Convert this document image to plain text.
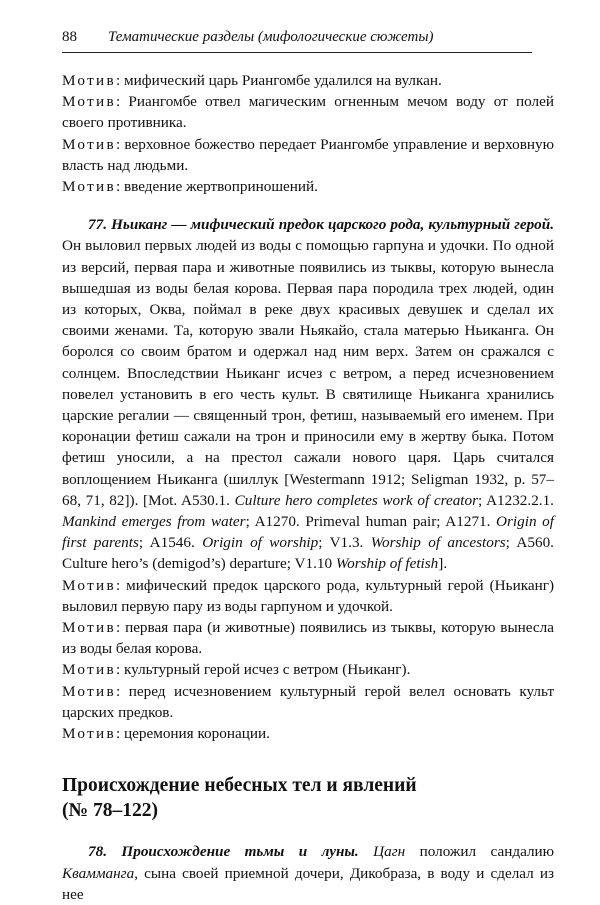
88 Тематические разделы (мифологические сюжеты)

Мотив: мифический царь Риангомбе удалился на вулкан.

Мотив: Риангомбе отвел магическим огненным мечом воду от полей своего противника.

Мотив: верховное божество передает Риангомбе управление и верховную власть над людьми.

Мотив: введение жертвоприношений.

77. Ньиканг — мифический предок царского рода, культурный герой. Он выловил первых людей из воды с помощью гарпуна и удочки. По одной из версий, первая пара и животные появились из тыквы, которую вынесла вышедшая из воды белая корова. Первая пара породила трех людей, один из которых, Оква, поймал в реке двух красивых девушек и сделал их своими женами. Та, которую звали Ньякайо, стала матерью Ньиканга. Он боролся со своим братом и одержал над ним верх. Затем он сражался с солнцем. Впоследствии Ньиканг исчез с ветром, а перед исчезновением повелел установить в его честь культ. В святилище Ньиканга хранились царские регалии — священный трон, фетиш, называемый его именем. При коронации фетиш сажали на трон и приносили ему в жертву быка. Потом фетиш уносили, а на престол сажали нового царя. Царь считался воплощением Ньиканга (шиллук [Westermann 1912; Seligman 1932, p. 57–68, 71, 82]). [Mot. A530.1. Culture hero completes work of creator; A1232.2.1. Mankind emerges from water; A1270. Primeval human pair; A1271. Origin of first parents; A1546. Origin of worship; V1.3. Worship of ancestors; A560. Culture hero’s (demigod’s) departure; V1.10 Worship of fetish].

Мотив: мифический предок царского рода, культурный герой (Ньиканг) выловил первую пару из воды гарпуном и удочкой.

Мотив: первая пара (и животные) появились из тыквы, которую вынесла из воды белая корова.

Мотив: культурный герой исчез с ветром (Ньиканг).

Мотив: перед исчезновением культурный герой велел основать культ царских предков.

Мотив: церемония коронации.

Происхождение небесных тел и явлений
(№ 78–122)

78. Происхождение тьмы и луны. Цагн положил сандалию Квамманга, сына своей приемной дочери, Дикобраза, в воду и сделал из нее
